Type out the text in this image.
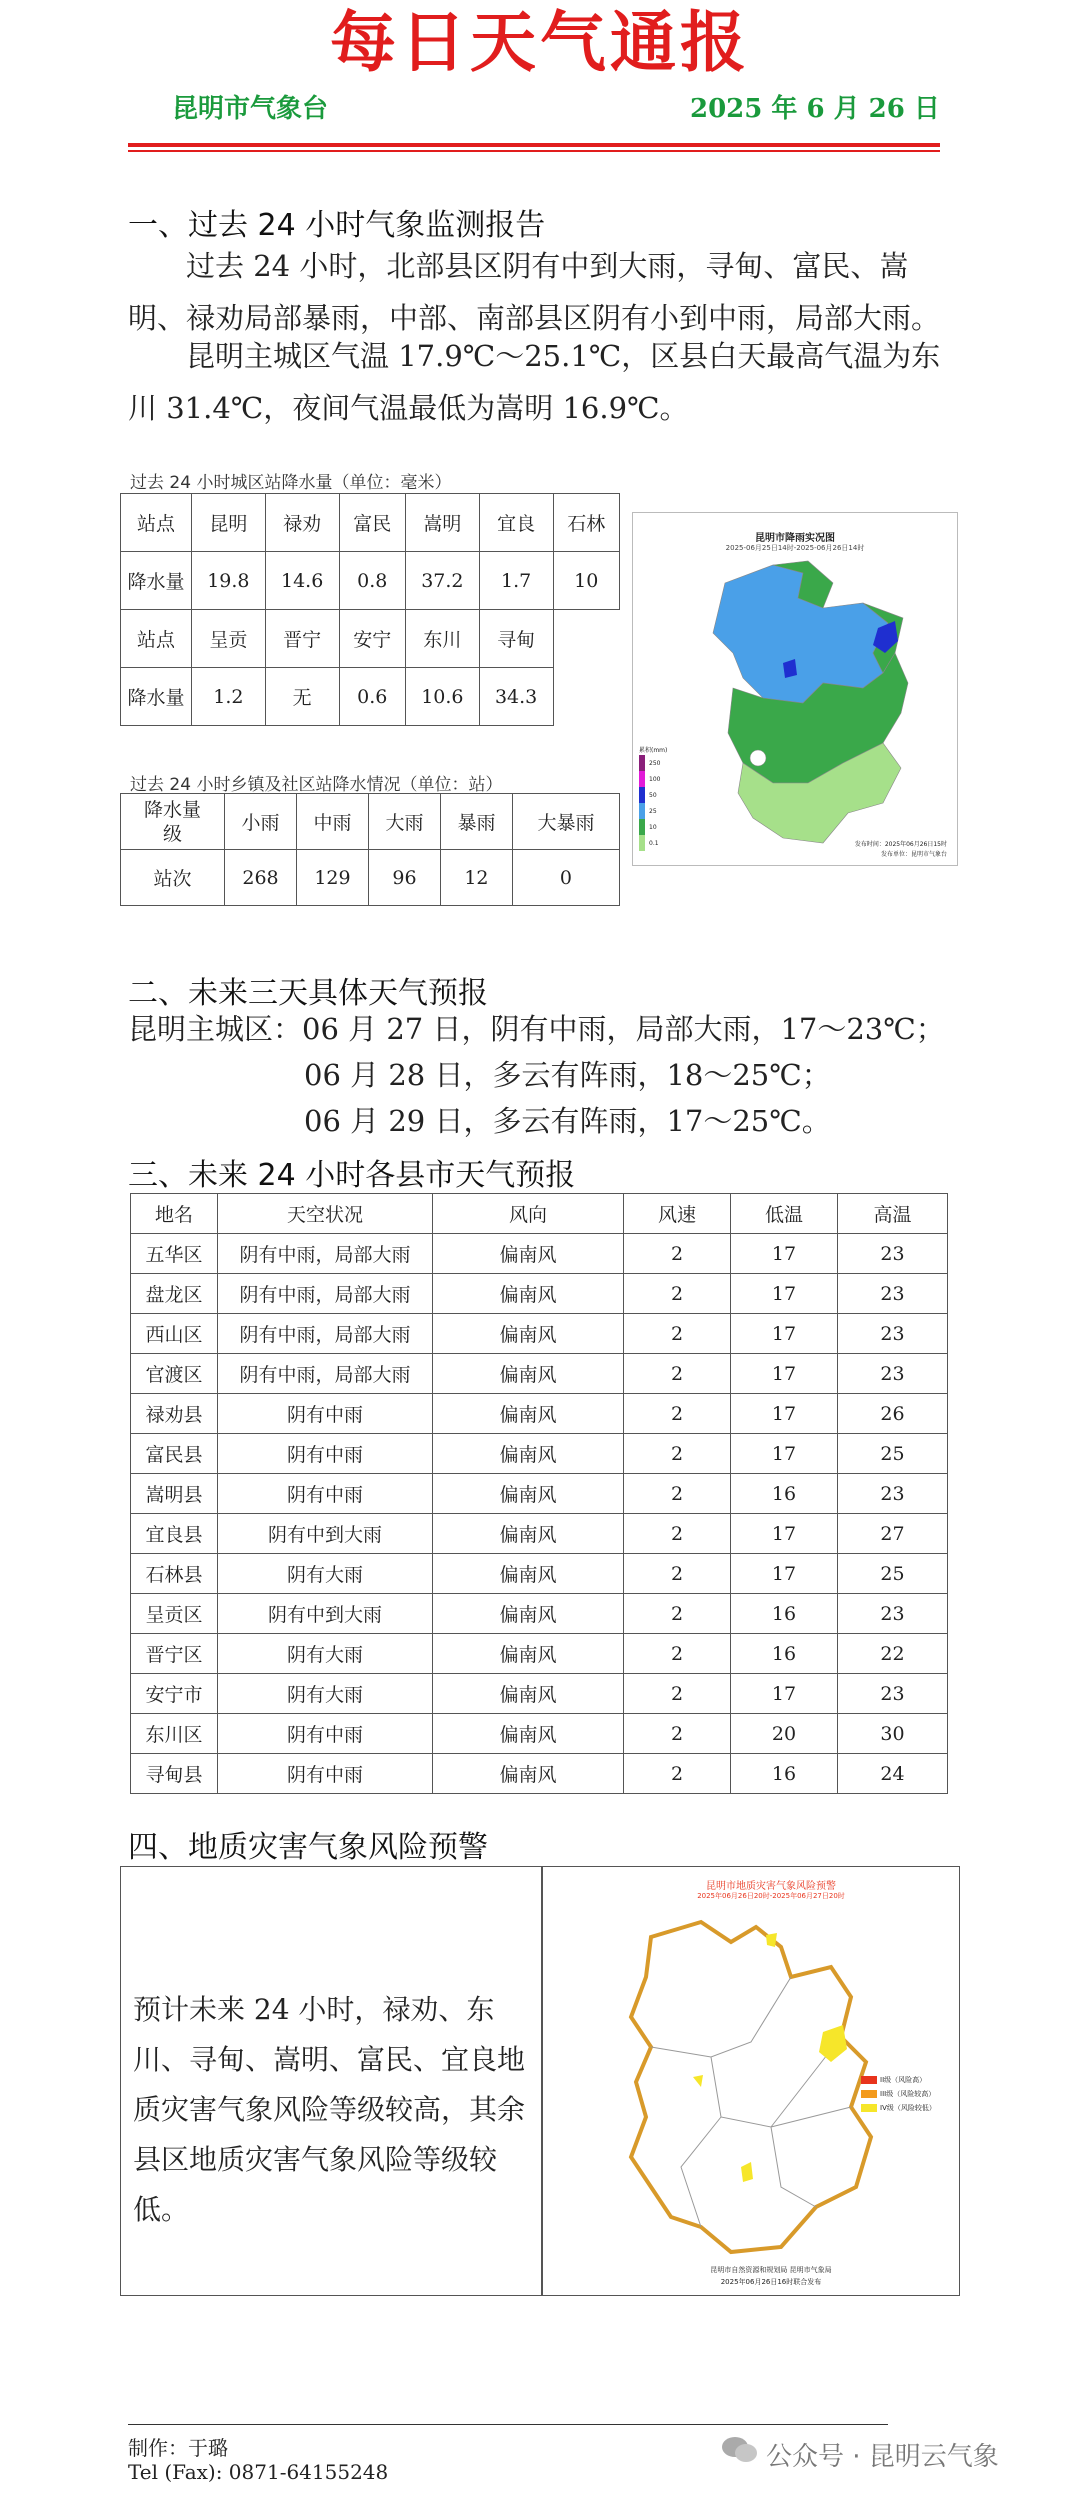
每日天气通报
昆明市气象台	2025 年 6 月 26 日
一、过去 24 小时气象监测报告
过去 24 小时，北部县区阴有中到大雨，寻甸、富民、嵩明、禄劝局部暴雨，中部、南部县区阴有小到中雨，局部大雨。
昆明主城区气温 17.9℃～25.1℃，区县白天最高气温为东川 31.4℃，夜间气温最低为嵩明 16.9℃。
过去 24 小时城区站降水量（单位：毫米）
站点	昆明	禄劝	富民	嵩明	宜良	石林
降水量	19.8	14.6	0.8	37.2	1.7	10
站点	呈贡	晋宁	安宁	东川	寻甸	
降水量	1.2	无	0.6	10.6	34.3	
过去 24 小时乡镇及社区站降水情况（单位：站）
降水量级	小雨	中雨	大雨	暴雨	大暴雨
站次	268	129	96	12	0
昆明市降雨实况图
2025-06月25日14时-2025-06月26日14时
累积(mm)
250
100
50
25
10
0.1	发布时间：2025年06月26日15时
发布单位：昆明市气象台
二、未来三天具体天气预报
昆明主城区：06 月 27 日，阴有中雨，局部大雨，17～23℃；
06 月 28 日，多云有阵雨，18～25℃；
06 月 29 日，多云有阵雨，17～25℃。
三、未来 24 小时各县市天气预报
地名	天空状况	风向	风速	低温	高温
五华区	阴有中雨，局部大雨	偏南风	2	17	23
盘龙区	阴有中雨，局部大雨	偏南风	2	17	23
西山区	阴有中雨，局部大雨	偏南风	2	17	23
官渡区	阴有中雨，局部大雨	偏南风	2	17	23
禄劝县	阴有中雨	偏南风	2	17	26
富民县	阴有中雨	偏南风	2	17	25
嵩明县	阴有中雨	偏南风	2	16	23
宜良县	阴有中到大雨	偏南风	2	17	27
石林县	阴有大雨	偏南风	2	17	25
呈贡区	阴有中到大雨	偏南风	2	16	23
晋宁区	阴有大雨	偏南风	2	16	22
安宁市	阴有大雨	偏南风	2	17	23
东川区	阴有中雨	偏南风	2	20	30
寻甸县	阴有中雨	偏南风	2	16	24
四、地质灾害气象风险预警
预计未来 24 小时，禄劝、东川、寻甸、嵩明、富民、宜良地质灾害气象风险等级较高，其余县区地质灾害气象风险等级较低。
昆明市地质灾害气象风险预警
2025年06月26日20时-2025年06月27日20时
II级（风险高）
III级（风险较高）
IV级（风险较低）
昆明市自然资源和规划局 昆明市气象局
2025年06月26日16时联合发布
制作：于璐
Tel (Fax): 0871-64155248	公众号 · 昆明云气象
